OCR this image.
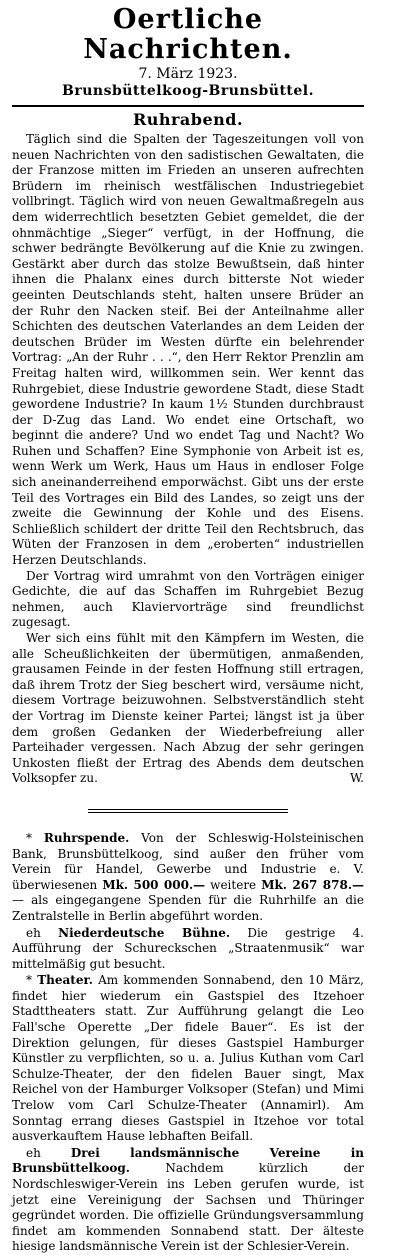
Oertliche Nachrichten.
7. März 1923.
Brunsbüttelkoog-Brunsbüttel.
Ruhrabend.

Täglich sind die Spalten der Tageszeitungen voll von neuen Nachrichten von den sadistischen Gewaltaten, die der Franzose mitten im Frieden an unseren aufrechten Brüdern im rheinisch westfälischen Industriegebiet vollbringt. Täglich wird von neuen Gewaltmaßregeln aus dem widerrechtlich besetzten Gebiet gemeldet, die der ohnmächtige „Sieger“ verfügt, in der Hoffnung, die schwer bedrängte Bevölkerung auf die Knie zu zwingen. Gestärkt aber durch das stolze Bewußtsein, daß hinter ihnen die Phalanx eines durch bitterste Not wieder geeinten Deutschlands steht, halten unsere Brüder an der Ruhr den Nacken steif. Bei der Anteilnahme aller Schichten des deutschen Vaterlandes an dem Leiden der deutschen Brüder im Westen dürfte ein belehrender Vortrag: „An der Ruhr . . .“, den Herr Rektor Prenzlin am Freitag halten wird, willkommen sein. Wer kennt das Ruhrgebiet, diese Industrie gewordene Stadt, diese Stadt gewordene Industrie? In kaum 1½ Stunden durchbraust der D-Zug das Land. Wo endet eine Ortschaft, wo beginnt die andere? Und wo endet Tag und Nacht? Wo Ruhen und Schaffen? Eine Symphonie von Arbeit ist es, wenn Werk um Werk, Haus um Haus in endloser Folge sich aneinanderreihend emporwächst. Gibt uns der erste Teil des Vortrages ein Bild des Landes, so zeigt uns der zweite die Gewinnung der Kohle und des Eisens. Schließlich schildert der dritte Teil den Rechtsbruch, das Wüten der Franzosen in dem „eroberten“ industriellen Herzen Deutschlands.

Der Vortrag wird umrahmt von den Vorträgen einiger Gedichte, die auf das Schaffen im Ruhrgebiet Bezug nehmen, auch Klaviervorträge sind freundlichst zugesagt.

Wer sich eins fühlt mit den Kämpfern im Westen, die alle Scheußlichkeiten der übermütigen, anmaßenden, grausamen Feinde in der festen Hoffnung still ertragen, daß ihrem Trotz der Sieg beschert wird, versäume nicht, diesem Vortrage beizuwohnen. Selbstverständlich steht der Vortrag im Dienste keiner Partei; längst ist ja über dem großen Gedanken der Wiederbefreiung aller Parteihader vergessen. Nach Abzug der sehr geringen Unkosten fließt der Ertrag des Abends dem deutschen Volksopfer zu.	W.

* Ruhrspende. Von der Schleswig-Holsteinischen Bank, Brunsbüttelkoog, sind außer den früher vom Verein für Handel, Gewerbe und Industrie e. V. überwiesenen Mk. 500 000.— weitere Mk. 267 878.— — als eingegangene Spenden für die Ruhrhilfe an die Zentralstelle in Berlin abgeführt worden.

eh Niederdeutsche Bühne. Die gestrige 4. Aufführung der Schureckschen „Straatenmusik“ war mittelmäßig gut besucht.

* Theater. Am kommenden Sonnabend, den 10 März, findet hier wiederum ein Gastspiel des Itzehoer Stadttheaters statt. Zur Aufführung gelangt die Leo Fall'sche Operette „Der fidele Bauer“. Es ist der Direktion gelungen, für dieses Gastspiel Hamburger Künstler zu verpflichten, so u. a. Julius Kuthan vom Carl Schulze-Theater, der den fidelen Bauer singt, Max Reichel von der Hamburger Volksoper (Stefan) und Mimi Trelow vom Carl Schulze-Theater (Annamirl). Am Sonntag errang dieses Gastspiel in Itzehoe vor total ausverkauftem Hause lebhaften Beifall.

eh	Drei landsmännische Vereine in Brunsbüttelkoog. Nachdem kürzlich der Nordschleswiger-Verein ins Leben gerufen wurde, ist jetzt eine Vereinigung der Sachsen und Thüringer gegründet worden. Die offizielle Gründungsversammlung findet am kommenden Sonnabend statt. Der älteste hiesige landsmännische Verein ist der Schlesier-Verein.
